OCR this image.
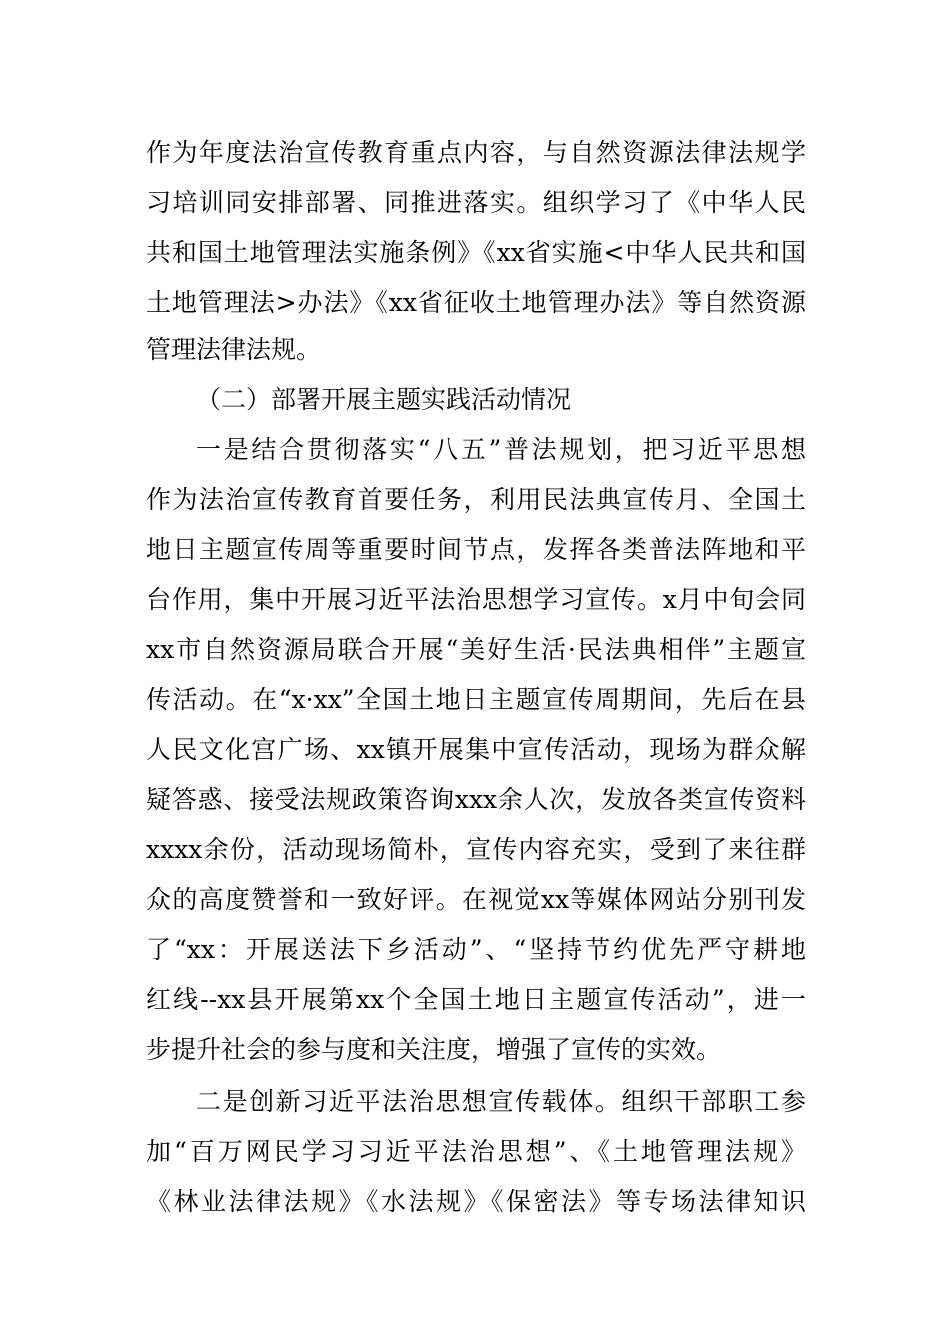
作为年度法治宣传教育重点内容，与自然资源法律法规学
习培训同安排部署、同推进落实。组织学习了《中华人民
共和国土地管理法实施条例》《xx省实施<中华人民共和国
土地管理法>办法》《xx省征收土地管理办法》等自然资源
管理法律法规。
（二）部署开展主题实践活动情况
一是结合贯彻落实“八五”普法规划，把习近平思想
作为法治宣传教育首要任务，利用民法典宣传月、全国土
地日主题宣传周等重要时间节点，发挥各类普法阵地和平
台作用，集中开展习近平法治思想学习宣传。x月中旬会同
xx市自然资源局联合开展“美好生活·民法典相伴”主题宣
传活动。在“x·xx”全国土地日主题宣传周期间，先后在县
人民文化宫广场、xx镇开展集中宣传活动，现场为群众解
疑答惑、接受法规政策咨询xxx余人次，发放各类宣传资料
xxxx余份，活动现场简朴，宣传内容充实，受到了来往群
众的高度赞誉和一致好评。在视觉xx等媒体网站分别刊发
了“xx：开展送法下乡活动”、“坚持节约优先严守耕地
红线--xx县开展第xx个全国土地日主题宣传活动”，进一
步提升社会的参与度和关注度，增强了宣传的实效。
二是创新习近平法治思想宣传载体。组织干部职工参
加“百万网民学习习近平法治思想”、《土地管理法规》
《林业法律法规》《水法规》《保密法》等专场法律知识
